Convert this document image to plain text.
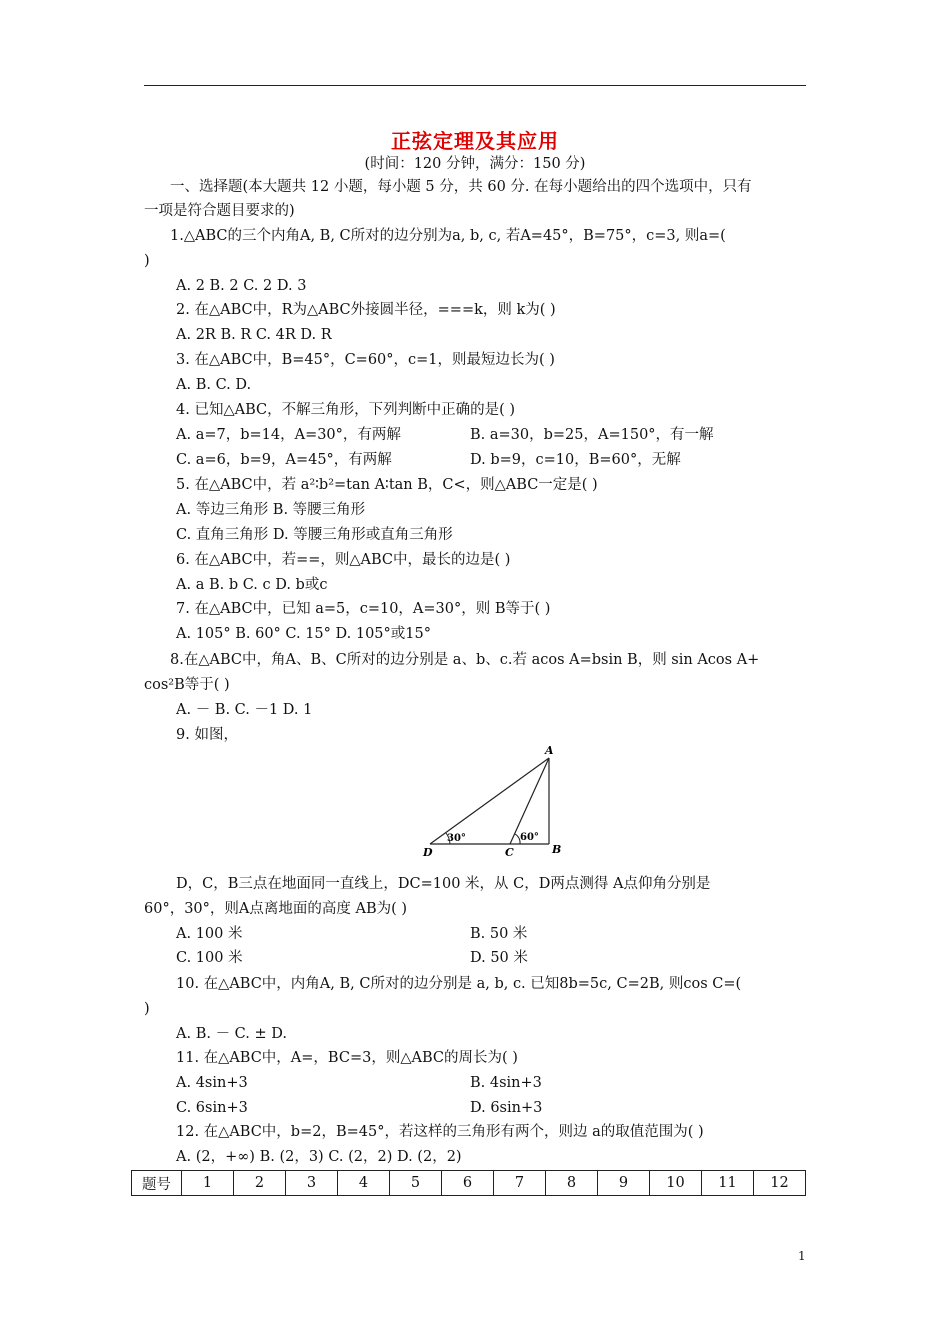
正弦定理及其应用
(时间：120 分钟，满分：150 分)
一、选择题(本大题共 12 小题，每小题 5 分，共 60 分. 在每小题给出的四个选项中，只有
一项是符合题目要求的)
1.△ABC的三个内角A, B, C所对的边分别为a, b, c, 若A=45°，B=75°，c=3, 则a=(
)
A. 2 B. 2 C. 2 D. 3
2. 在△ABC中，R为△ABC外接圆半径，===k，则 k为( )
A. 2R B. R C. 4R D. R
3. 在△ABC中，B=45°，C=60°，c=1，则最短边长为( )
A. B. C. D.
4. 已知△ABC，不解三角形，下列判断中正确的是( )
A. a=7，b=14，A=30°，有两解	B. a=30，b=25，A=150°，有一解
C. a=6，b=9，A=45°，有两解	D. b=9，c=10，B=60°，无解
5. 在△ABC中，若 a²∶b²=tan A∶tan B，C<，则△ABC一定是( )
A. 等边三角形 B. 等腰三角形
C. 直角三角形 D. 等腰三角形或直角三角形
6. 在△ABC中，若==，则△ABC中，最长的边是( )
A. a B. b C. c D. b或c
7. 在△ABC中，已知 a=5，c=10，A=30°，则 B等于( )
A. 105° B. 60° C. 15° D. 105°或15°
8.在△ABC中，角A、B、C所对的边分别是 a、b、c.若 acos A=bsin B，则 sin Acos A+
cos²B等于( )
A. － B. C. －1 D. 1
9. 如图，
A
B
C
D
30°	60°
D，C，B三点在地面同一直线上，DC=100 米，从 C，D两点测得 A点仰角分别是
60°，30°，则A点离地面的高度 AB为( )
A. 100 米	B. 50 米
C. 100 米	D. 50 米
10. 在△ABC中，内角A, B, C所对的边分别是 a, b, c. 已知8b=5c, C=2B, 则cos C=(
)
A. B. － C. ± D.
11. 在△ABC中，A=，BC=3，则△ABC的周长为( )
A. 4sin+3	B. 4sin+3
C. 6sin+3	D. 6sin+3
12. 在△ABC中，b=2，B=45°，若这样的三角形有两个，则边 a的取值范围为( )
A. (2，+∞) B. (2，3) C. (2，2) D. (2，2)
题号	1	2	3	4	5	6	7	8	9	10	11	12
1
